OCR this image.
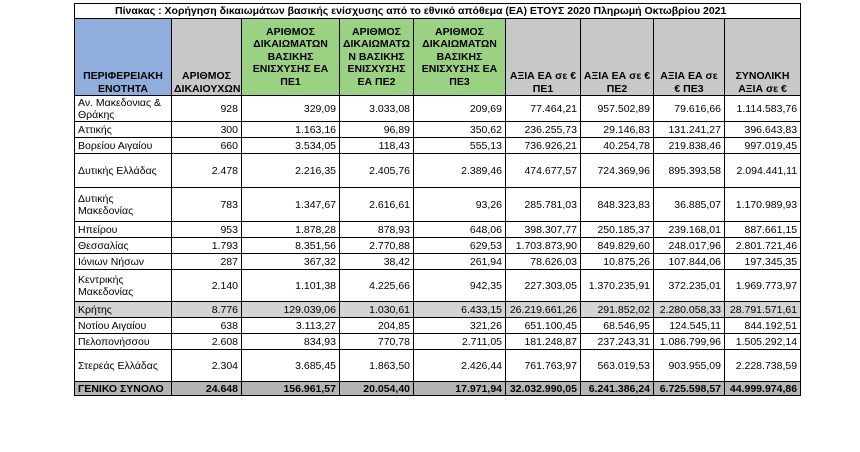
Πίνακας : Χορήγηση δικαιωμάτων βασικής ενίσχυσης από το εθνικό απόθεμα (ΕΑ) ΕΤΟΥΣ 2020 Πληρωμή Οκτωβρίου 2021								
ΠΕΡΙΦΕΡΕΙΑΚΗ ΕΝΟΤΗΤΑ	ΑΡΙΘΜΟΣ ΔΙΚΑΙΟΥΧΩΝ	ΑΡΙΘΜΟΣ ΔΙΚΑΙΩΜΑΤΩΝ ΒΑΣΙΚΗΣ ΕΝΙΣΧΥΣΗΣ ΕΑ ΠΕ1	ΑΡΙΘΜΟΣ ΔΙΚΑΙΩΜΑΤΩ Ν ΒΑΣΙΚΗΣ ΕΝΙΣΧΥΣΗΣ ΕΑ ΠΕ2	ΑΡΙΘΜΟΣ ΔΙΚΑΙΩΜΑΤΩΝ ΒΑΣΙΚΗΣ ΕΝΙΣΧΥΣΗΣ ΕΑ ΠΕ3	ΑΞΙΑ ΕΑ σε € ΠΕ1	ΑΞΙΑ ΕΑ σε € ΠΕ2	ΑΞΙΑ ΕΑ σε € ΠΕ3	ΣΥΝΟΛΙΚΗ ΑΞΙΑ σε €
Αν. Μακεδονιας & Θράκης	928	329,09	3.033,08	209,69	77.464,21	957.502,89	79.616,66	1.114.583,76
Αττικής	300	1.163,16	96,89	350,62	236.255,73	29.146,83	131.241,27	396.643,83
Βορείου Αιγαίου	660	3.534,05	118,43	555,13	736.926,21	40.254,78	219.838,46	997.019,45
Δυτικής Ελλάδας	2.478	2.216,35	2.405,76	2.389,46	474.677,57	724.369,96	895.393,58	2.094.441,11
Δυτικής Μακεδονίας	783	1.347,67	2.616,61	93,26	285.781,03	848.323,83	36.885,07	1.170.989,93
Ηπείρου	953	1.878,28	878,93	648,06	398.307,77	250.185,37	239.168,01	887.661,15
Θεσσαλίας	1.793	8.351,56	2.770,88	629,53	1.703.873,90	849.829,60	248.017,96	2.801.721,46
Ιόνιων Νήσων	287	367,32	38,42	261,94	78.626,03	10.875,26	107.844,06	197.345,35
Κεντρικής Μακεδονίας	2.140	1.101,38	4.225,66	942,35	227.303,05	1.370.235,91	372.235,01	1.969.773,97
Κρήτης	8.776	129.039,06	1.030,61	6.433,15	26.219.661,26	291.852,02	2.280.058,33	28.791.571,61
Νοτίου Αιγαίου	638	3.113,27	204,85	321,26	651.100,45	68.546,95	124.545,11	844.192,51
Πελοπονήσσου	2.608	834,93	770,78	2.711,05	181.248,87	237.243,31	1.086.799,96	1.505.292,14
Στερεάς Ελλάδας	2.304	3.685,45	1.863,50	2.426,44	761.763,97	563.019,53	903.955,09	2.228.738,59
ΓΕΝΙΚΟ ΣΥΝΟΛΟ	24.648	156.961,57	20.054,40	17.971,94	32.032.990,05	6.241.386,24	6.725.598,57	44.999.974,86
